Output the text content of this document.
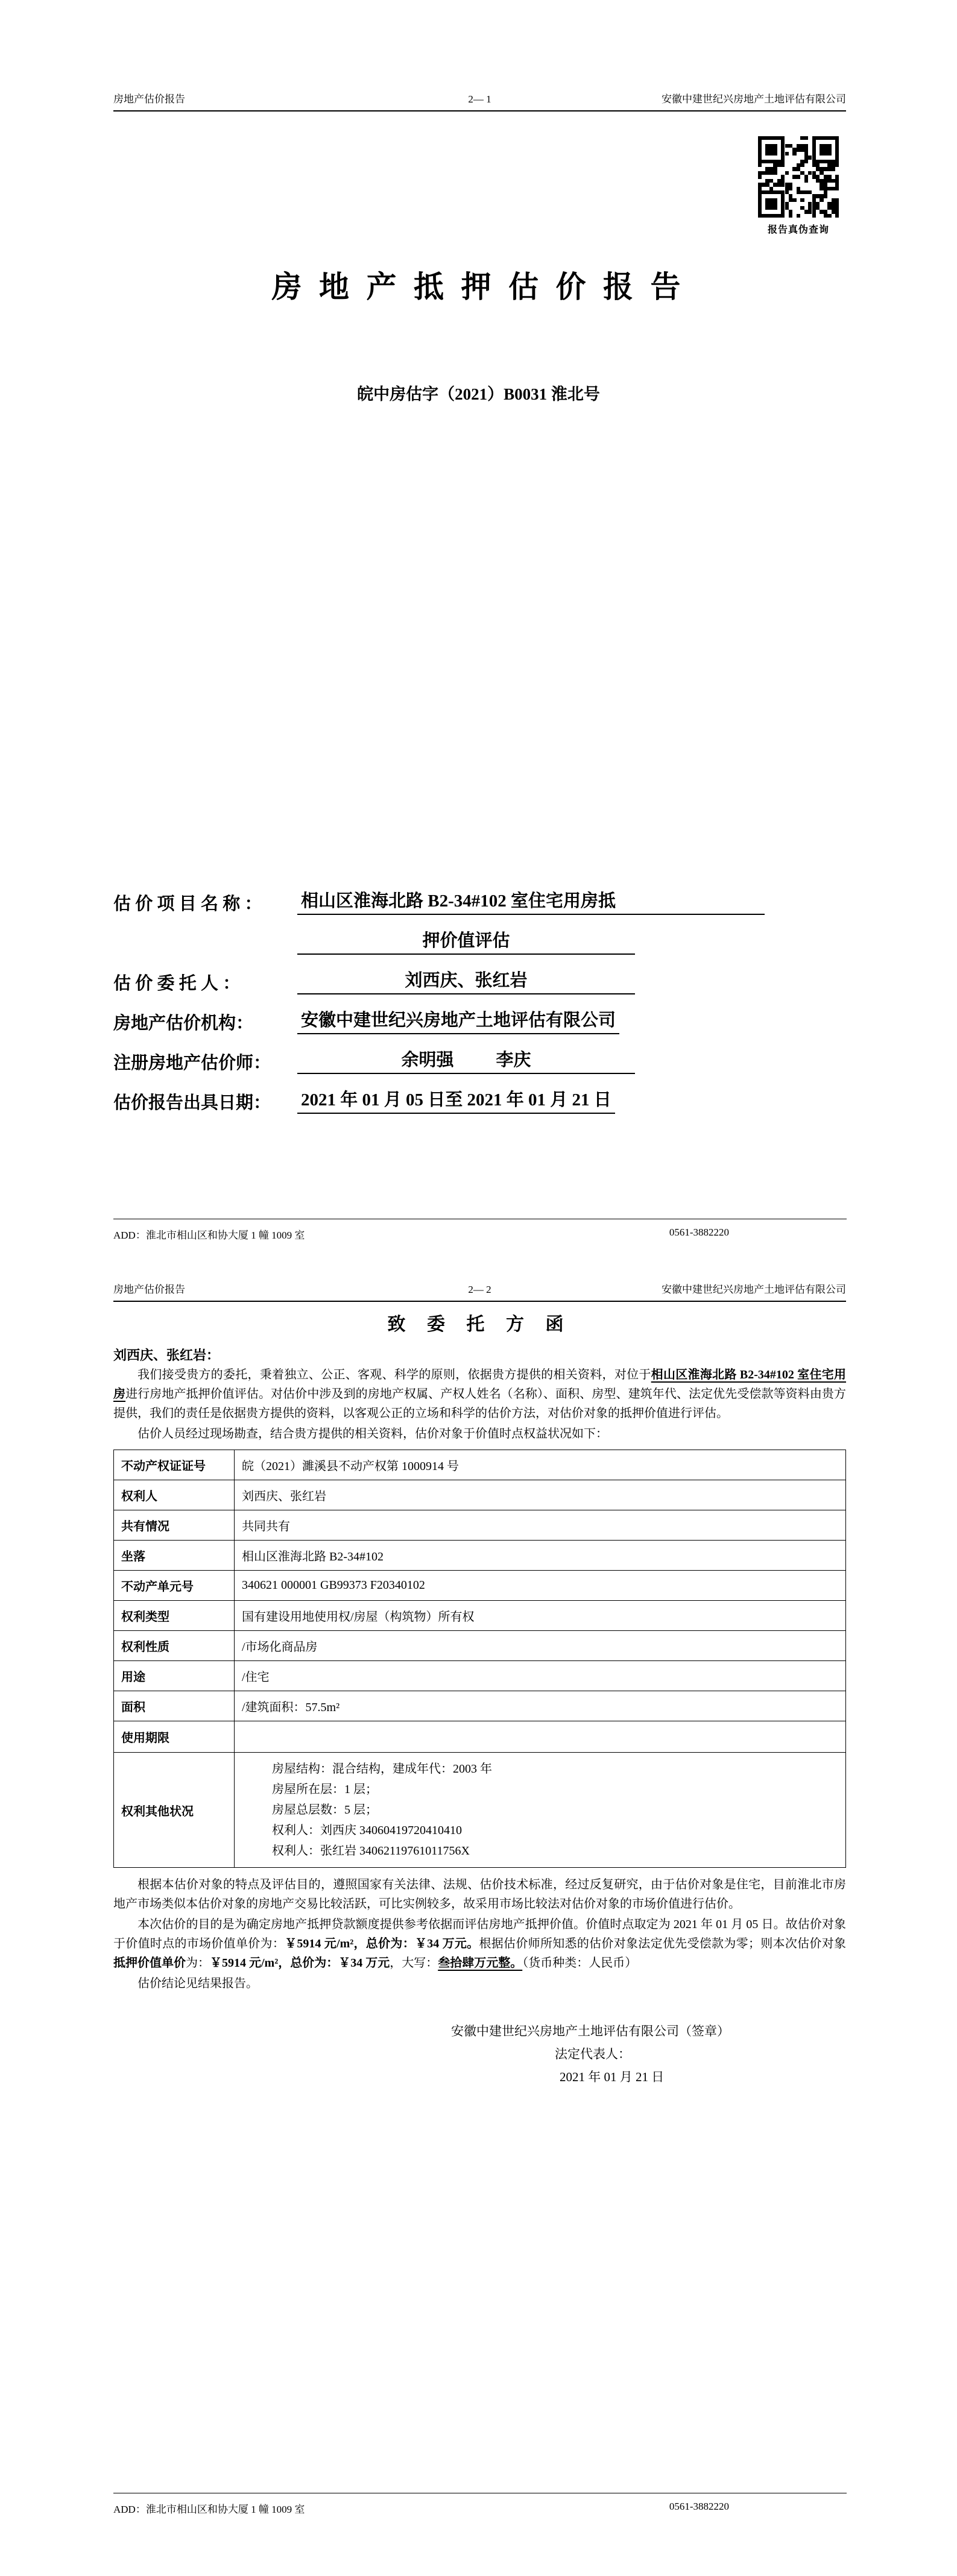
房地产估价报告	2— 1	安徽中建世纪兴房地产土地评估有限公司
报告真伪查询
房 地 产 抵 押 估 价 报 告
皖中房估字（2021）B0031 淮北号
估 价 项 目 名 称 ：	相山区淮海北路 B2-34#102 室住宅用房抵
押价值评估
估 价 委 托 人 ：	刘西庆、张红岩
房地产估价机构：	安徽中建世纪兴房地产土地评估有限公司
注册房地产估价师：	余明强 李庆
估价报告出具日期：	2021 年 01 月 05 日至 2021 年 01 月 21 日
ADD：淮北市相山区和协大厦 1 幢 1009 室	0561-3882220
房地产估价报告	2— 2	安徽中建世纪兴房地产土地评估有限公司
致 委 托 方 函
刘西庆、张红岩：

我们接受贵方的委托，秉着独立、公正、客观、科学的原则，依据贵方提供的相关资料，对位于相山区淮海北路 B2-34#102 室住宅用房进行房地产抵押价值评估。对估价中涉及到的房地产权属、产权人姓名（名称）、面积、房型、建筑年代、法定优先受偿款等资料由贵方提供，我们的责任是依据贵方提供的资料，以客观公正的立场和科学的估价方法，对估价对象的抵押价值进行评估。

估价人员经过现场勘查，结合贵方提供的相关资料，估价对象于价值时点权益状况如下：

不动产权证证号	皖（2021）濉溪县不动产权第 1000914 号
权利人	刘西庆、张红岩
共有情况	共同共有
坐落	相山区淮海北路 B2-34#102
不动产单元号	340621 000001 GB99373 F20340102
权利类型	国有建设用地使用权/房屋（构筑物）所有权
权利性质	/市场化商品房
用途	/住宅
面积	/建筑面积：57.5m²
使用期限	
权利其他状况	房屋结构：混合结构，建成年代：2003 年
房屋所在层：1 层；
房屋总层数：5 层；
权利人：刘西庆 34060419720410410
权利人：张红岩 34062119761011756X

根据本估价对象的特点及评估目的，遵照国家有关法律、法规、估价技术标准，经过反复研究，由于估价对象是住宅，目前淮北市房地产市场类似本估价对象的房地产交易比较活跃，可比实例较多，故采用市场比较法对估价对象的市场价值进行估价。

本次估价的目的是为确定房地产抵押贷款额度提供参考依据而评估房地产抵押价值。价值时点取定为 2021 年 01 月 05 日。故估价对象于价值时点的市场价值单价为：￥5914 元/m²，总价为：￥34 万元。根据估价师所知悉的估价对象法定优先受偿款为零；则本次估价对象抵押价值单价为：￥5914 元/m²，总价为：￥34 万元，大写：叁拾肆万元整。（货币种类：人民币）

估价结论见结果报告。

安徽中建世纪兴房地产土地评估有限公司（签章）
法定代表人：
2021 年 01 月 21 日
ADD：淮北市相山区和协大厦 1 幢 1009 室	0561-3882220
